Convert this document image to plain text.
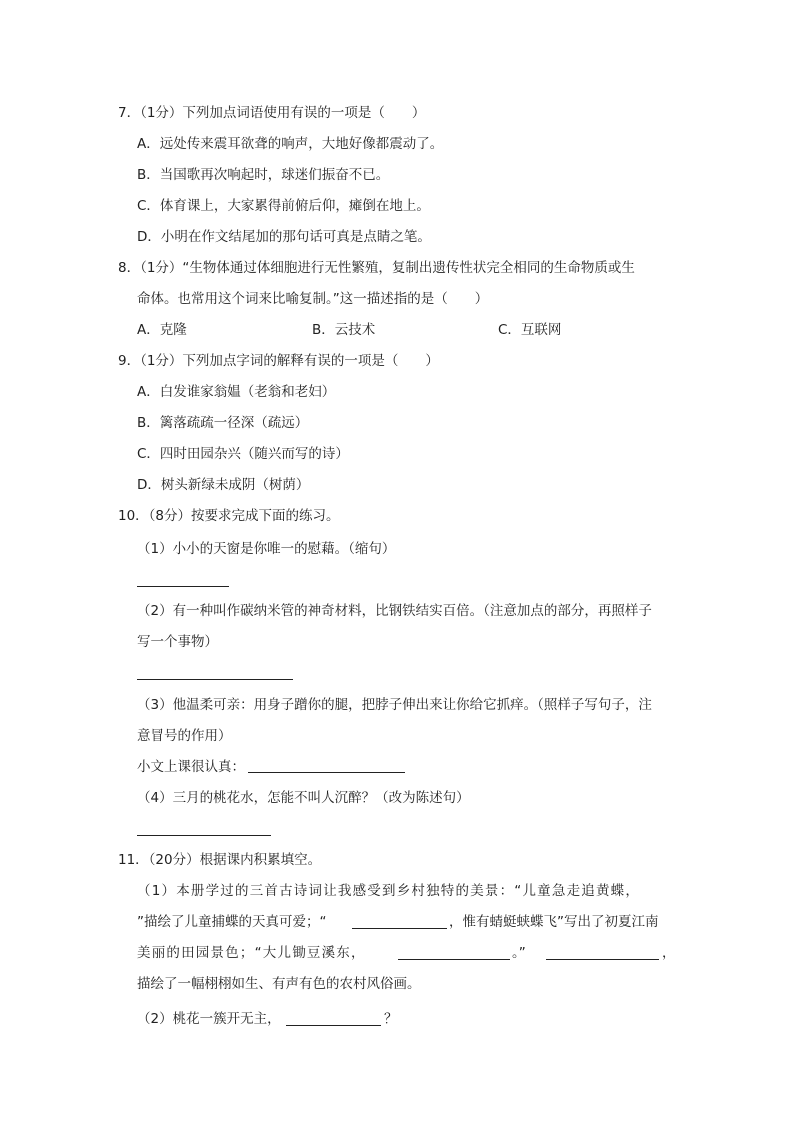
7．（1分）下列加点词语使用有误的一项是（　　）
A．远处传来震耳欲聋的响声，大地好像都震动了。
B．当国歌再次响起时，球迷们振奋不已。
C．体育课上，大家累得前俯后仰，瘫倒在地上。
D．小明在作文结尾加的那句话可真是点睛之笔。
8．（1分）“生物体通过体细胞进行无性繁殖，复制出遗传性状完全相同的生命物质或生
命体。也常用这个词来比喻复制。”这一描述指的是（　　）
A．克隆	B．云技术	C．互联网
9．（1分）下列加点字词的解释有误的一项是（　　）
A．白发谁家翁媪（老翁和老妇）
B．篱落疏疏一径深（疏远）
C．四时田园杂兴（随兴而写的诗）
D．树头新绿未成阴（树荫）
10．（8分）按要求完成下面的练习。
（1）小小的天窗是你唯一的慰藉。（缩句）
（2）有一种叫作碳纳米管的神奇材料，比钢铁结实百倍。（注意加点的部分，再照样子
写一个事物）
（3）他温柔可亲：用身子蹭你的腿，把脖子伸出来让你给它抓痒。（照样子写句子，注
意冒号的作用）
小文上课很认真：
（4）三月的桃花水，怎能不叫人沉醉？（改为陈述句）
11．（20分）根据课内积累填空。
（1）本册学过的三首古诗词让我感受到乡村独特的美景：“儿童急走追黄蝶，
”描绘了儿童捕蝶的天真可爱；“	，惟有蜻蜓蛱蝶飞”写出了初夏江南
美丽的田园景色；“大儿锄豆溪东，	。”	，
描绘了一幅栩栩如生、有声有色的农村风俗画。
（2）桃花一簇开无主，	？
